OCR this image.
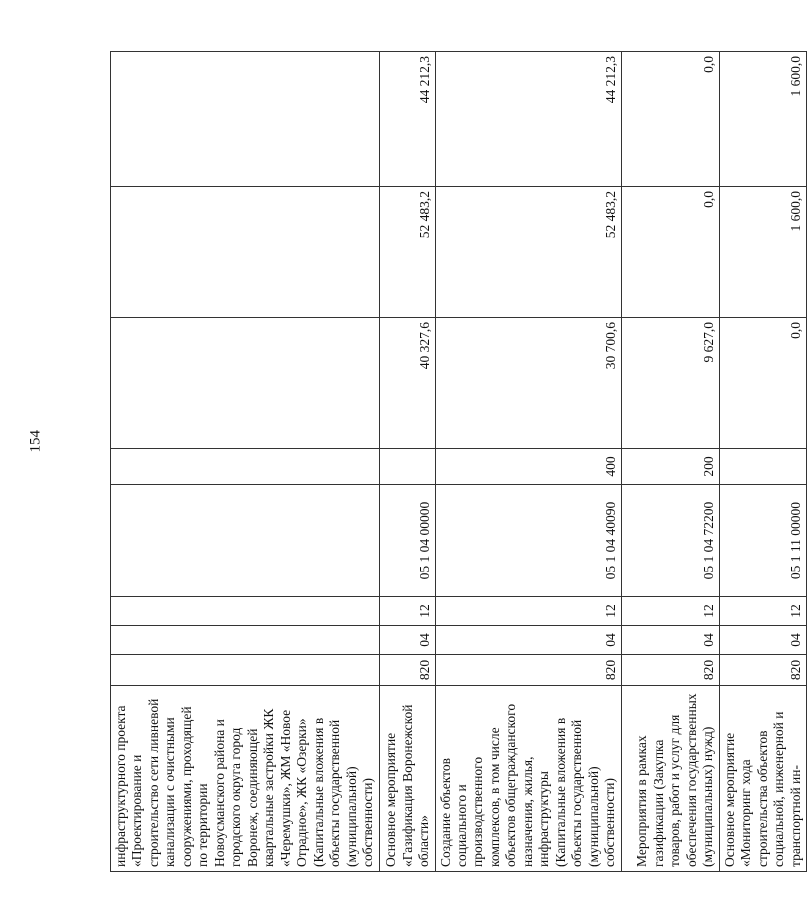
154
инфраструктурного проекта «Проектирование и строительство сети ливневой канализации с очистными сооружениями, проходящей по территории Новоусманского района и городского округа город Воронеж, соединяющей квартальные застройки ЖК «Черемушки», ЖМ «Новое Отрадное», ЖК «Озерки» (Капитальные вложения в объекты государственной (муниципальной) собственности)								
Основное мероприятие «Газификация Воронежской области»	820	04	12	05 1 04 00000		40 327,6	52 483,2	44 212,3
Создание объектов социального и производственного комплексов, в том числе объектов общегражданского назначения, жилья, инфраструктуры (Капитальные вложения в объекты государственной (муниципальной) собственности)	820	04	12	05 1 04 40090	400	30 700,6	52 483,2	44 212,3
Мероприятия в рамках газификации (Закупка товаров, работ и услуг для обеспечения государственных (муниципальных) нужд)	820	04	12	05 1 04 72200	200	9 627,0	0,0	0,0
Основное мероприятие «Мониторинг хода строительства объектов социальной, инженерной и транспортной ин-	820	04	12	05 1 11 00000		0,0	1 600,0	1 600,0
